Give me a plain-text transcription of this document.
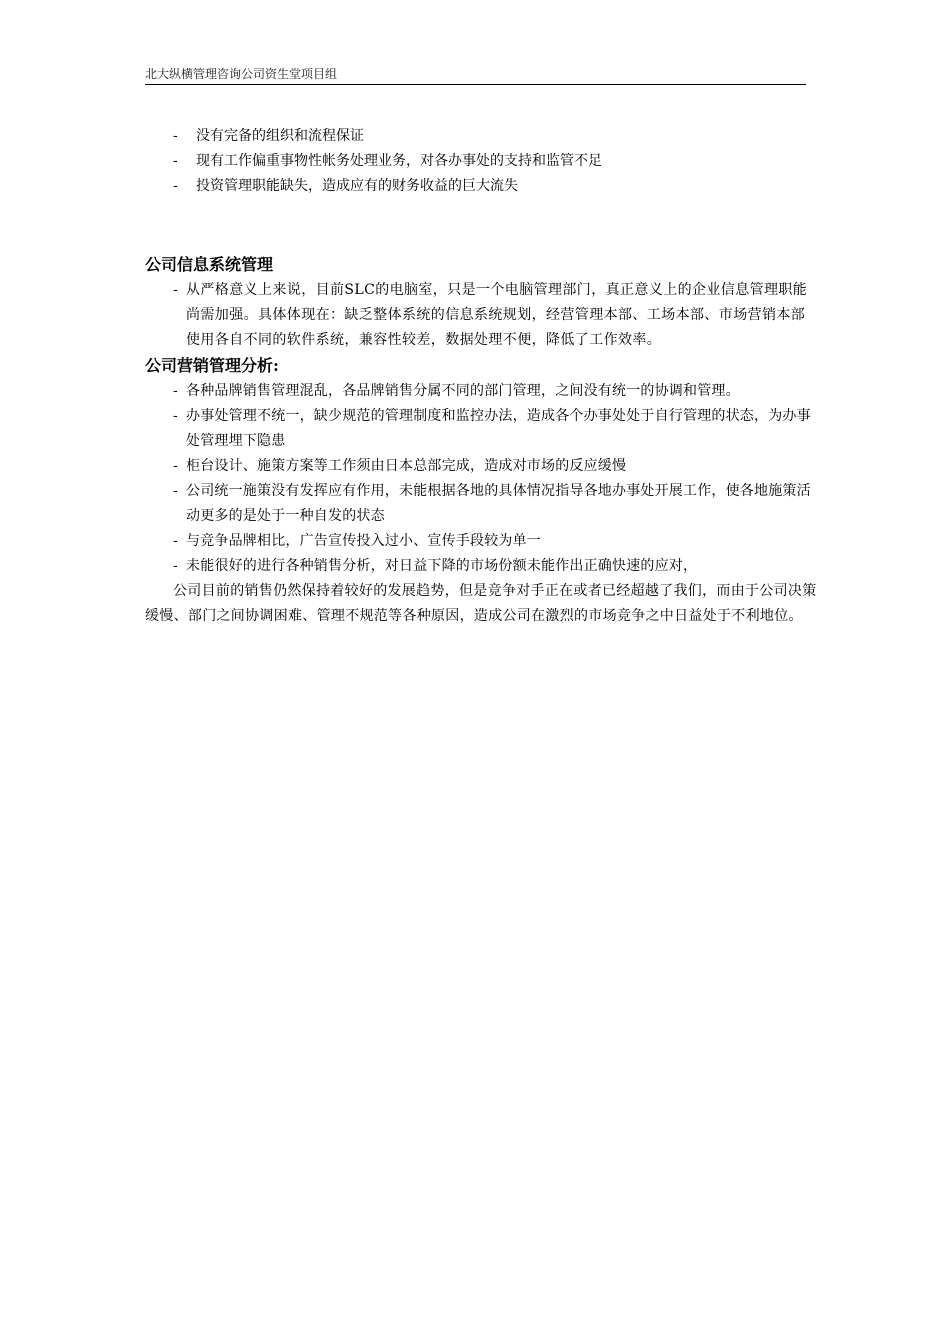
北大纵横管理咨询公司资生堂项目组
- 没有完备的组织和流程保证
- 现有工作偏重事物性帐务处理业务，对各办事处的支持和监管不足
- 投资管理职能缺失，造成应有的财务收益的巨大流失
公司信息系统管理
- 从严格意义上来说，目前SLC的电脑室，只是一个电脑管理部门，真正意义上的企业信息管理职能尚需加强。具体体现在：缺乏整体系统的信息系统规划，经营管理本部、工场本部、市场营销本部使用各自不同的软件系统，兼容性较差，数据处理不便，降低了工作效率。
公司营销管理分析:
- 各种品牌销售管理混乱，各品牌销售分属不同的部门管理，之间没有统一的协调和管理。
- 办事处管理不统一，缺少规范的管理制度和监控办法，造成各个办事处处于自行管理的状态，为办事处管理埋下隐患
- 柜台设计、施策方案等工作须由日本总部完成，造成对市场的反应缓慢
- 公司统一施策没有发挥应有作用，未能根据各地的具体情况指导各地办事处开展工作，使各地施策活动更多的是处于一种自发的状态
- 与竞争品牌相比，广告宣传投入过小、宣传手段较为单一
- 未能很好的进行各种销售分析，对日益下降的市场份额未能作出正确快速的应对，

公司目前的销售仍然保持着较好的发展趋势，但是竞争对手正在或者已经超越了我们，而由于公司决策缓慢、部门之间协调困难、管理不规范等各种原因，造成公司在激烈的市场竞争之中日益处于不利地位。
